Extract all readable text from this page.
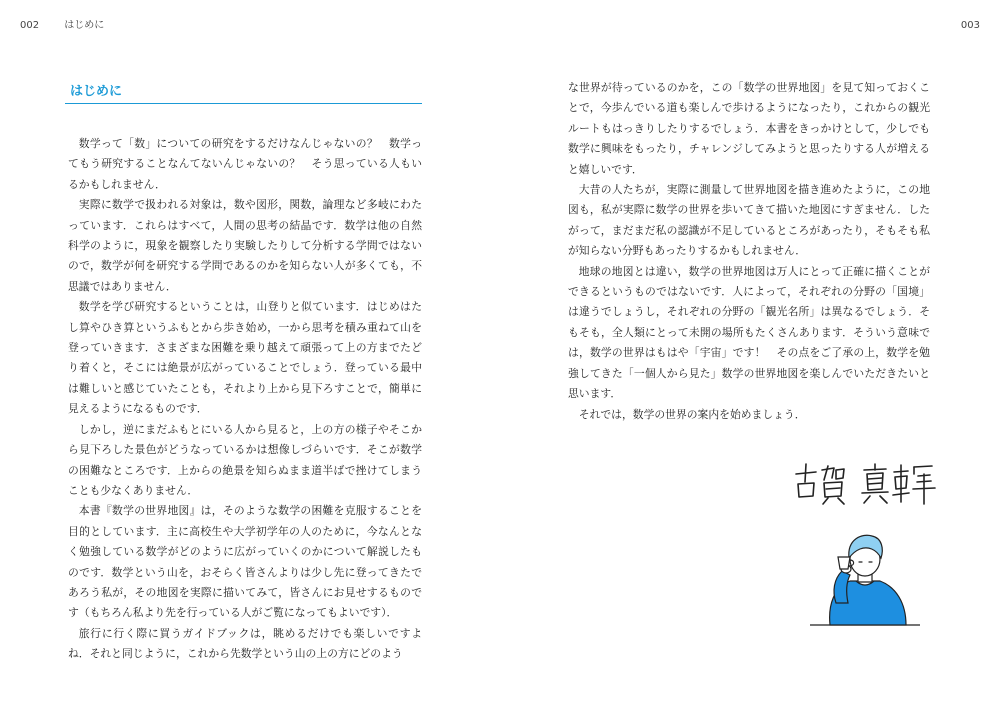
002	はじめに	003
はじめに

数学って「数」についての研究をするだけなんじゃないの？　数学ってもう研究することなんてないんじゃないの？　そう思っている人もいるかもしれません．

実際に数学で扱われる対象は，数や図形，関数，論理など多岐にわたっています．これらはすべて，人間の思考の結晶です．数学は他の自然科学のように，現象を観察したり実験したりして分析する学問ではないので，数学が何を研究する学問であるのかを知らない人が多くても，不思議ではありません．

数学を学び研究するということは，山登りと似ています．はじめはたし算やひき算というふもとから歩き始め，一から思考を積み重ねて山を登っていきます．さまざまな困難を乗り越えて頑張って上の方までたどり着くと，そこには絶景が広がっていることでしょう．登っている最中は難しいと感じていたことも，それより上から見下ろすことで，簡単に見えるようになるものです．

しかし，逆にまだふもとにいる人から見ると，上の方の様子やそこから見下ろした景色がどうなっているかは想像しづらいです．そこが数学の困難なところです．上からの絶景を知らぬまま道半ばで挫けてしまうことも少なくありません．

本書『数学の世界地図』は，そのような数学の困難を克服することを目的としています．主に高校生や大学初学年の人のために，今なんとなく勉強している数学がどのように広がっていくのかについて解説したものです．数学という山を，おそらく皆さんよりは少し先に登ってきたであろう私が，その地図を実際に描いてみて，皆さんにお見せするものです（もちろん私より先を行っている人がご覧になってもよいです）．

旅行に行く際に買うガイドブックは，眺めるだけでも楽しいですよね．それと同じように，これから先数学という山の上の方にどのよう

な世界が待っているのかを，この「数学の世界地図」を見て知っておくことで，今歩んでいる道も楽しんで歩けるようになったり，これからの観光ルートもはっきりしたりするでしょう．本書をきっかけとして，少しでも数学に興味をもったり，チャレンジしてみようと思ったりする人が増えると嬉しいです．

大昔の人たちが，実際に測量して世界地図を描き進めたように，この地図も，私が実際に数学の世界を歩いてきて描いた地図にすぎません．したがって，まだまだ私の認識が不足しているところがあったり，そもそも私が知らない分野もあったりするかもしれません．

地球の地図とは違い，数学の世界地図は万人にとって正確に描くことができるというものではないです．人によって，それぞれの分野の「国境」は違うでしょうし，それぞれの分野の「観光名所」は異なるでしょう．そもそも，全人類にとって未開の場所もたくさんあります．そういう意味では，数学の世界はもはや「宇宙」です！　その点をご了承の上，数学を勉強してきた「一個人から見た」数学の世界地図を楽しんでいただきたいと思います．

それでは，数学の世界の案内を始めましょう．
